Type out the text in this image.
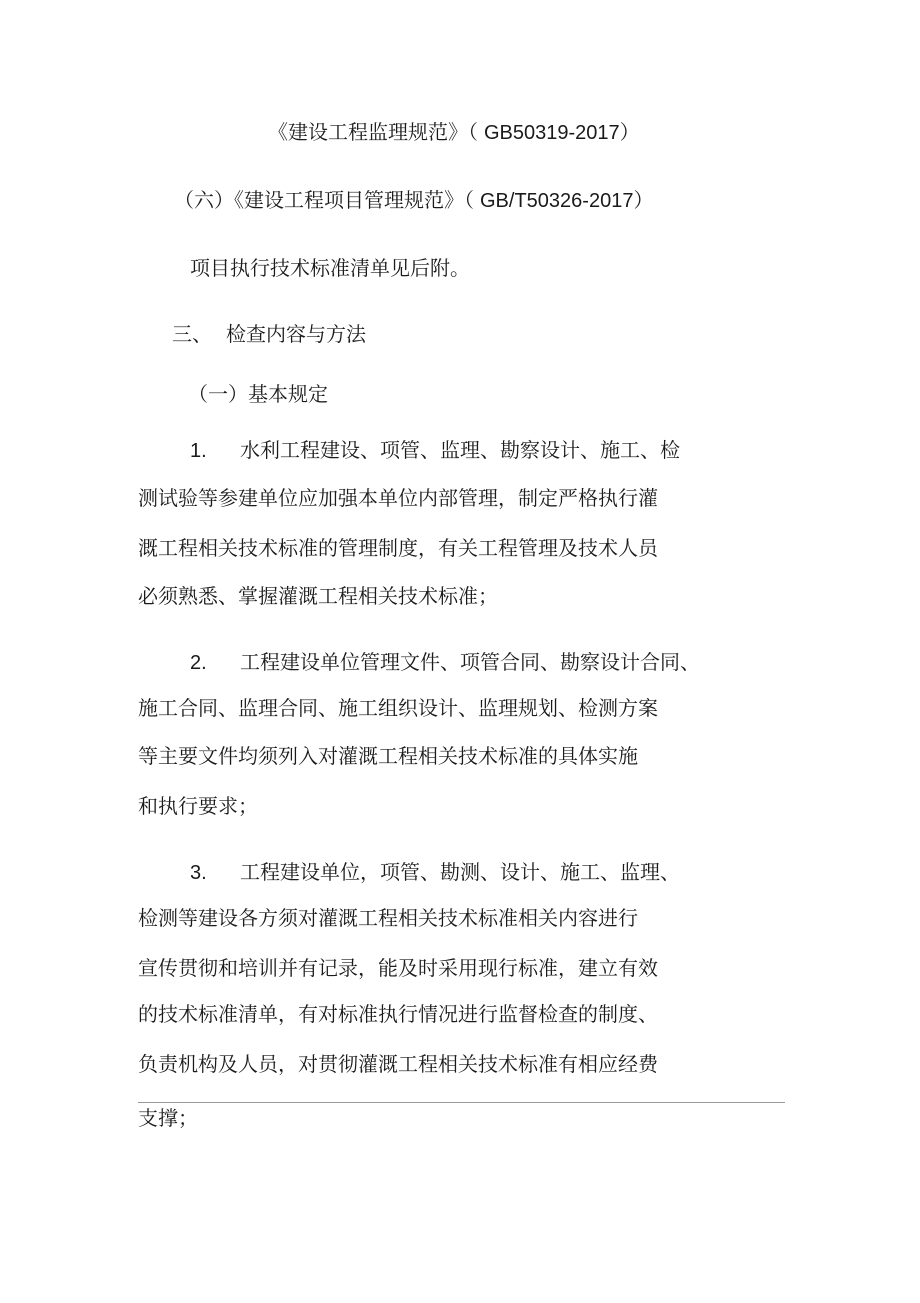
《建设工程监理规范》（ GB50319-2017）
（六）《建设工程项目管理规范》（ GB/T50326-2017）
项目执行技术标准清单见后附。
三、 检查内容与方法
（一）基本规定
1. 水利工程建设、项管、监理、勘察设计、施工、检
测试验等参建单位应加强本单位内部管理，制定严格执行灌
溉工程相关技术标准的管理制度，有关工程管理及技术人员
必须熟悉、掌握灌溉工程相关技术标准；
2. 工程建设单位管理文件、项管合同、勘察设计合同、
施工合同、监理合同、施工组织设计、监理规划、检测方案
等主要文件均须列入对灌溉工程相关技术标准的具体实施
和执行要求；
3. 工程建设单位，项管、勘测、设计、施工、监理、
检测等建设各方须对灌溉工程相关技术标准相关内容进行
宣传贯彻和培训并有记录，能及时采用现行标准，建立有效
的技术标准清单，有对标准执行情况进行监督检查的制度、
负责机构及人员，对贯彻灌溉工程相关技术标准有相应经费
支撑；
